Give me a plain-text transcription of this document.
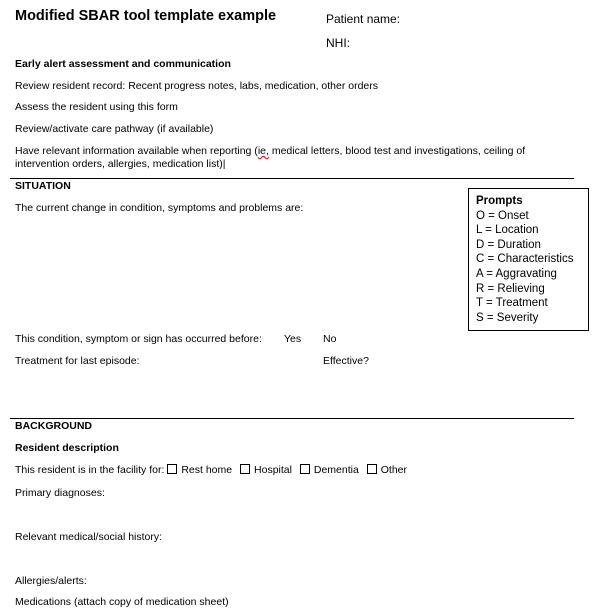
Modified SBAR tool template example	Patient name:
NHI:
Early alert assessment and communication
Review resident record: Recent progress notes, labs, medication, other orders
Assess the resident using this form
Review/activate care pathway (if available)
Have relevant information available when reporting (ie, medical letters, blood test and investigations, ceiling of
intervention orders, allergies, medication list)|
SITUATION
The current change in condition, symptoms and problems are:
Prompts
O = Onset
L = Location
D = Duration
C = Characteristics
A = Aggravating
R = Relieving
T = Treatment
S = Severity
This condition, symptom or sign has occurred before: Yes No
Treatment for last episode:	Effective?
BACKGROUND
Resident description
This resident is in the facility for: Rest home Hospital Dementia Other
Primary diagnoses:
Relevant medical/social history:
Allergies/alerts:
Medications (attach copy of medication sheet)
